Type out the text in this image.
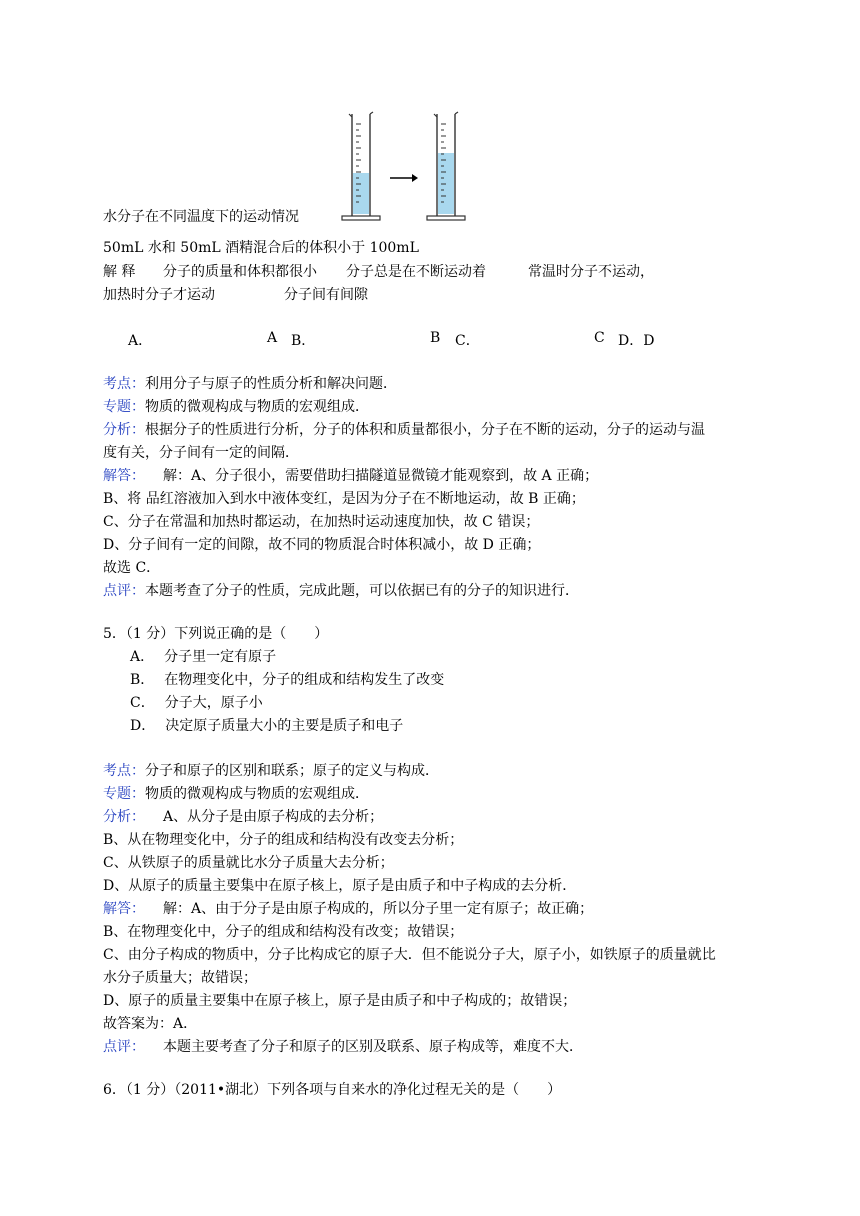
水分子在不同温度下的运动情况
50mL 水和 50mL 酒精混合后的体积小于 100mL
解 释 分子的质量和体积都很小 分子总是在不断运动着	常温时分子不运动，
加热时分子才运动	分子间有间隙
A．	A B．	B C．	C D．D
考点：利用分子与原子的性质分析和解决问题．
专题：物质的微观构成与物质的宏观组成．
分析：根据分子的性质进行分析，分子的体积和质量都很小，分子在不断的运动，分子的运动与温
度有关，分子间有一定的间隔．
解答： 解：A、分子很小，需要借助扫描隧道显微镜才能观察到，故 A 正确；
B、将 品红溶液加入到水中液体变红，是因为分子在不断地运动，故 B 正确；
C、分子在常温和加热时都运动，在加热时运动速度加快，故 C 错误；
D、分子间有一定的间隙，故不同的物质混合时体积减小，故 D 正确；
故选 C．
点评：本题考查了分子的性质，完成此题，可以依据已有的分子的知识进行．
5．（1 分）下列说正确的是（　　）
A． 分子里一定有原子
B． 在物理变化中，分子的组成和结构发生了改变
C． 分子大，原子小
D． 决定原子质量大小的主要是质子和电子
考点：分子和原子的区别和联系；原子的定义与构成．
专题：物质的微观构成与物质的宏观组成．
分析： A、从分子是由原子构成的去分析；
B、从在物理变化中，分子的组成和结构没有改变去分析；
C、从铁原子的质量就比水分子质量大去分析；
D、从原子的质量主要集中在原子核上，原子是由质子和中子构成的去分析．
解答： 解：A、由于分子是由原子构成的，所以分子里一定有原子；故正确；
B、在物理变化中，分子的组成和结构没有改变；故错误；
C、由分子构成的物质中，分子比构成它的原子大．但不能说分子大，原子小，如铁原子的质量就比
水分子质量大；故错误；
D、原子的质量主要集中在原子核上，原子是由质子和中子构成的；故错误；
故答案为：A．
点评： 本题主要考查了分子和原子的区别及联系、原子构成等，难度不大．
6．（1 分）（2011•湖北）下列各项与自来水的净化过程无关的是（　　）
